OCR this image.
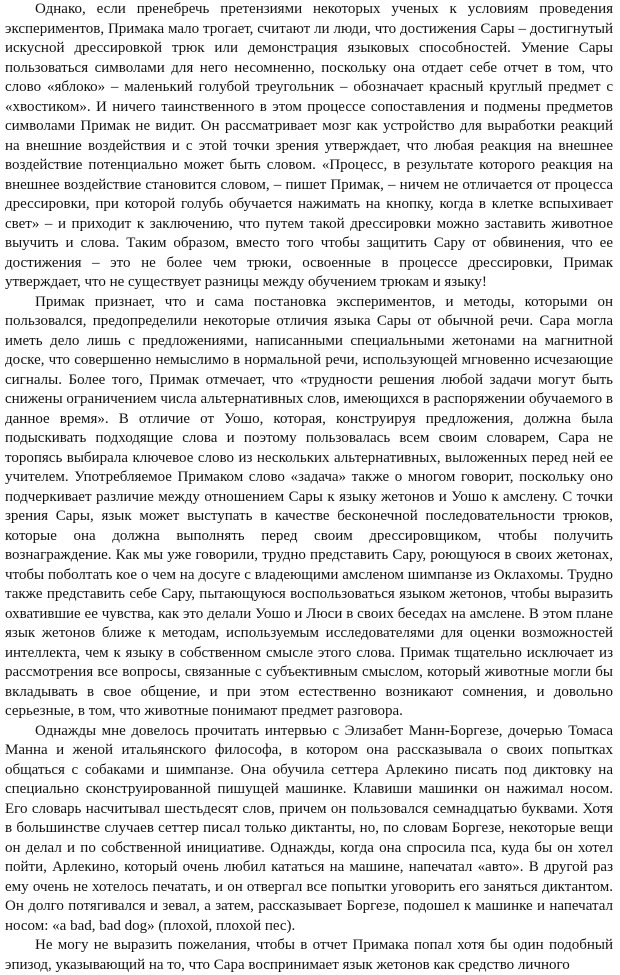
Однако, если пренебречь претензиями некоторых ученых к условиям проведения экспериментов, Примака мало трогает, считают ли люди, что достижения Сары – достигнутый искусной дрессировкой трюк или демонстрация языковых способностей. Умение Сары пользоваться символами для него несомненно, поскольку она отдает себе отчет в том, что слово «яблоко» – маленький голубой треугольник – обозначает красный круглый предмет с «хвостиком». И ничего таинственного в этом процессе сопоставления и подмены предметов символами Примак не видит. Он рассматривает мозг как устройство для выработки реакций на внешние воздействия и с этой точки зрения утверждает, что любая реакция на внешнее воздействие потенциально может быть словом. «Процесс, в результате которого реакция на внешнее воздействие становится словом, – пишет Примак, – ничем не отличается от процесса дрессировки, при которой голубь обучается нажимать на кнопку, когда в клетке вспыхивает свет» – и приходит к заключению, что путем такой дрессировки можно заставить животное выучить и слова. Таким образом, вместо того чтобы защитить Сару от обвинения, что ее достижения – это не более чем трюки, освоенные в процессе дрессировки, Примак утверждает, что не существует разницы между обучением трюкам и языку!

Примак признает, что и сама постановка экспериментов, и методы, которыми он пользовался, предопределили некоторые отличия языка Сары от обычной речи. Сара могла иметь дело лишь с предложениями, написанными специальными жетонами на магнитной доске, что совершенно немыслимо в нормальной речи, использующей мгновенно исчезающие сигналы. Более того, Примак отмечает, что «трудности решения любой задачи могут быть снижены ограничением числа альтернативных слов, имеющихся в распоряжении обучаемого в данное время». В отличие от Уошо, которая, конструируя предложения, должна была подыскивать подходящие слова и поэтому пользовалась всем своим словарем, Сара не торопясь выбирала ключевое слово из нескольких альтернативных, выложенных перед ней ее учителем. Употребляемое Примаком слово «задача» также о многом говорит, поскольку оно подчеркивает различие между отношением Сары к языку жетонов и Уошо к амслену. С точки зрения Сары, язык может выступать в качестве бесконечной последовательности трюков, которые она должна выполнять перед своим дрессировщиком, чтобы получить вознаграждение. Как мы уже говорили, трудно представить Сару, роющуюся в своих жетонах, чтобы поболтать кое о чем на досуге с владеющими амсленом шимпанзе из Оклахомы. Трудно также представить себе Сару, пытающуюся воспользоваться языком жетонов, чтобы выразить охватившие ее чувства, как это делали Уошо и Люси в своих беседах на амслене. В этом плане язык жетонов ближе к методам, используемым исследователями для оценки возможностей интеллекта, чем к языку в собственном смысле этого слова. Примак тщательно исключает из рассмотрения все вопросы, связанные с субъективным смыслом, который животные могли бы вкладывать в свое общение, и при этом естественно возникают сомнения, и довольно серьезные, в том, что животные понимают предмет разговора.

Однажды мне довелось прочитать интервью с Элизабет Манн-Боргезе, дочерью Томаса Манна и женой итальянского философа, в котором она рассказывала о своих попытках общаться с собаками и шимпанзе. Она обучила сеттера Арлекино писать под диктовку на специально сконструированной пишущей машинке. Клавиши машинки он нажимал носом. Его словарь насчитывал шестьдесят слов, причем он пользовался семнадцатью буквами. Хотя в большинстве случаев сеттер писал только диктанты, но, по словам Боргезе, некоторые вещи он делал и по собственной инициативе. Однажды, когда она спросила пса, куда бы он хотел пойти, Арлекино, который очень любил кататься на машине, напечатал «авто». В другой раз ему очень не хотелось печатать, и он отвергал все попытки уговорить его заняться диктантом. Он долго потягивался и зевал, а затем, рассказывает Боргезе, подошел к машинке и напечатал носом: «a bad, bad dog» (плохой, плохой пес).

Не могу не выразить пожелания, чтобы в отчет Примака попал хотя бы один подобный эпизод, указывающий на то, что Сара воспринимает язык жетонов как средство личного
